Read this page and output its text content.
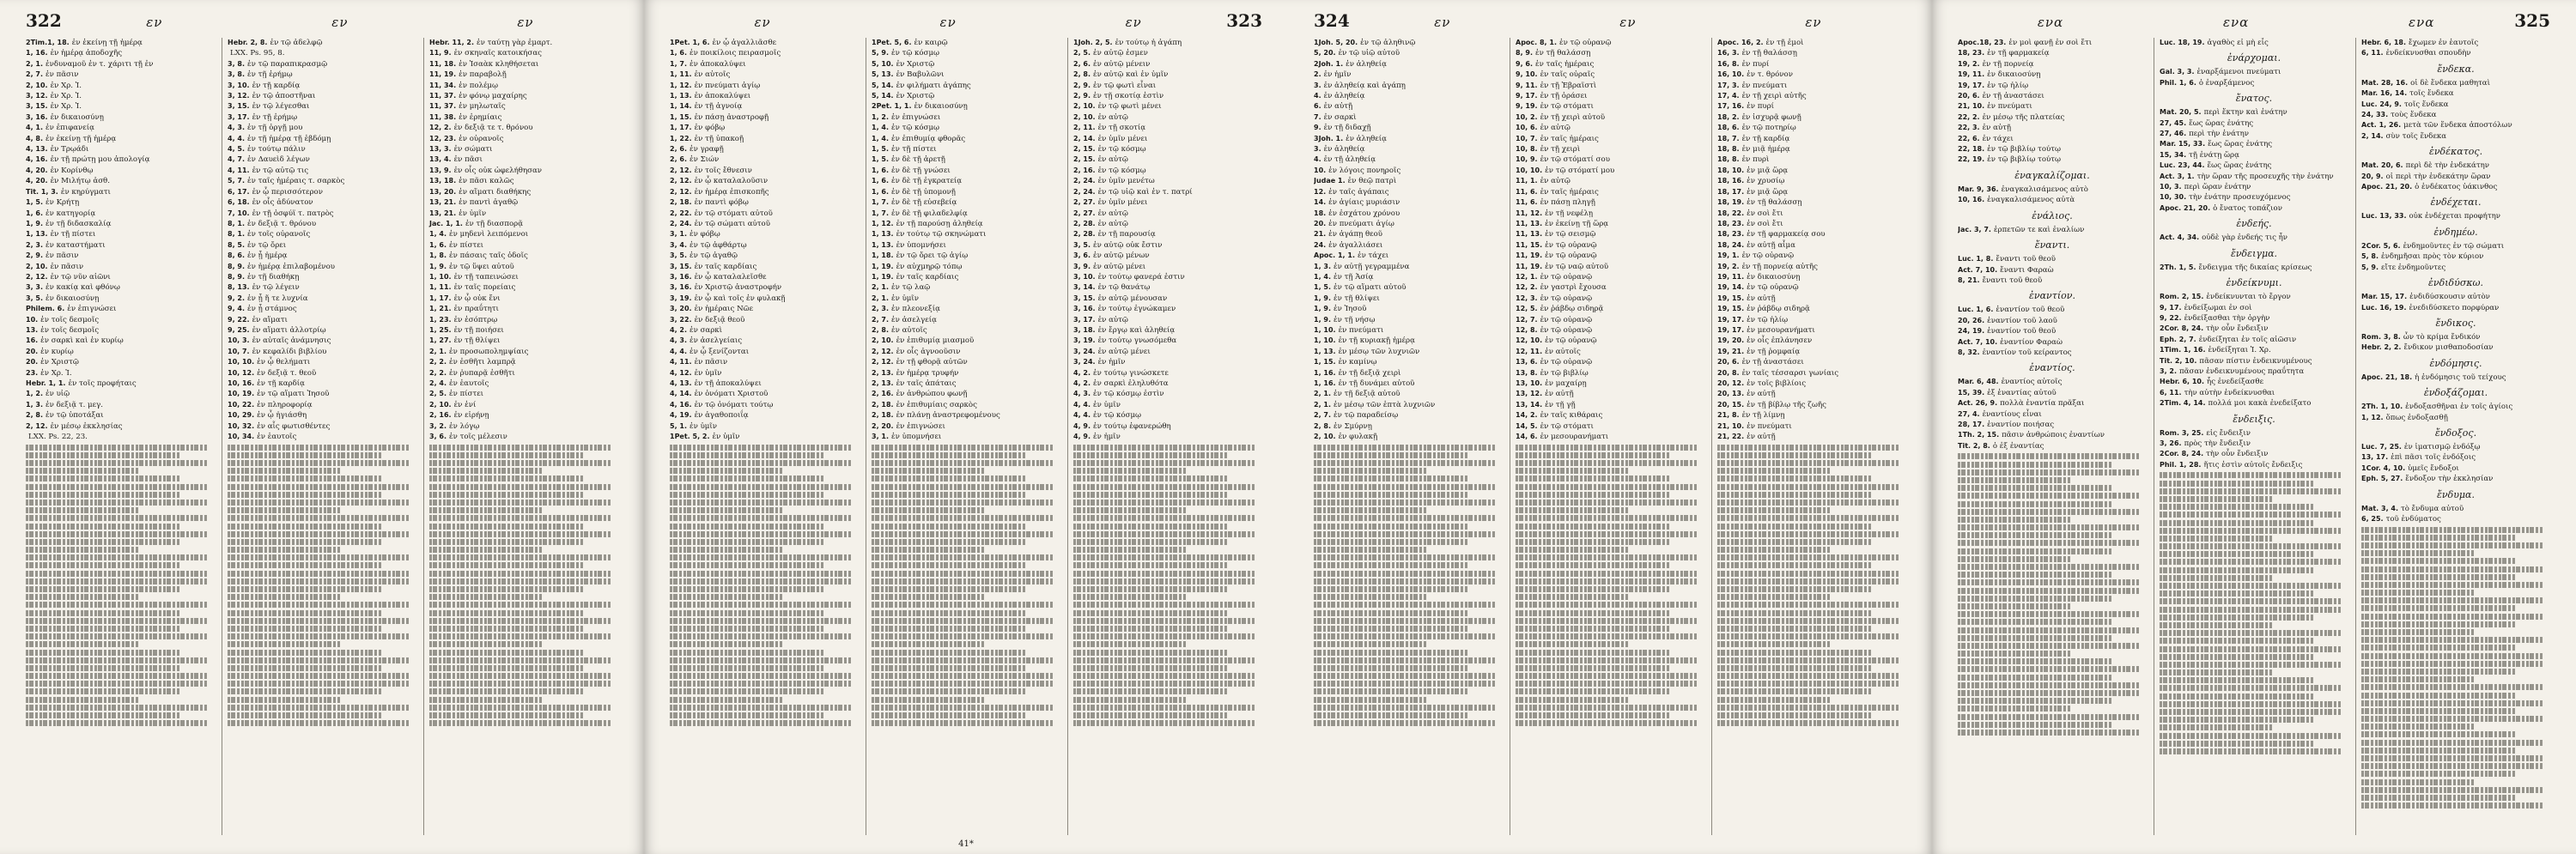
322	εν	εν	εν
2Tim.1, 18. ἐν ἐκείνῃ τῇ ἡμέρᾳ
1, 16. ἐν ἡμέρᾳ ἀποδοχῆς
2, 1. ἐνδυναμοῦ ἐν τ. χάριτι τῇ ἐν
2, 7. ἐν πᾶσιν
2, 10. ἐν Χρ. Ἰ.
3, 12. ἐν Χρ. Ἰ.
3, 15. ἐν Χρ. Ἰ.
3, 16. ἐν δικαιοσύνῃ
4, 1. ἐν ἐπιφανείᾳ
4, 8. ἐν ἐκείνῃ τῇ ἡμέρᾳ
4, 13. ἐν Τρῳάδι
4, 16. ἐν τῇ πρώτῃ μου ἀπολογίᾳ
4, 20. ἐν Κορίνθῳ
4, 20. ἐν Μιλήτῳ ἀσθ.
Tit. 1, 3. ἐν κηρύγματι
1, 5. ἐν Κρήτῃ
1, 6. ἐν κατηγορίᾳ
1, 9. ἐν τῇ διδασκαλίᾳ
1, 13. ἐν τῇ πίστει
2, 3. ἐν καταστήματι
2, 9. ἐν πᾶσιν
2, 10. ἐν πᾶσιν
2, 12. ἐν τῷ νῦν αἰῶνι
3, 3. ἐν κακίᾳ καὶ φθόνῳ
3, 5. ἐν δικαιοσύνῃ
Philem. 6. ἐν ἐπιγνώσει
10. ἐν τοῖς δεσμοῖς
13. ἐν τοῖς δεσμοῖς
16. ἐν σαρκὶ καὶ ἐν κυρίῳ
20. ἐν κυρίῳ
20. ἐν Χριστῷ
23. ἐν Χρ. Ἰ.
Hebr. 1, 1. ἐν τοῖς προφήταις
1, 2. ἐν υἱῷ
1, 3. ἐν δεξιᾷ τ. μεγ.
2, 8. ἐν τῷ ὑποτάξαι
2, 12. ἐν μέσῳ ἐκκλησίας
LXX. Ps. 22, 23.
Hebr. 2, 8. ἐν τῷ ἀδελφῷ
LXX. Ps. 95, 8.
3, 8. ἐν τῷ παραπικρασμῷ
3, 8. ἐν τῇ ἐρήμῳ
3, 10. ἐν τῇ καρδίᾳ
3, 12. ἐν τῷ ἀποστῆναι
3, 15. ἐν τῷ λέγεσθαι
3, 17. ἐν τῇ ἐρήμῳ
4, 3. ἐν τῇ ὀργῇ μου
4, 4. ἐν τῇ ἡμέρᾳ τῇ ἑβδόμῃ
4, 5. ἐν τούτῳ πάλιν
4, 7. ἐν Δαυεὶδ λέγων
4, 11. ἐν τῷ αὐτῷ τις
5, 7. ἐν ταῖς ἡμέραις τ. σαρκὸς
6, 17. ἐν ᾧ περισσότερον
6, 18. ἐν οἷς ἀδύνατον
7, 10. ἐν τῇ ὀσφύϊ τ. πατρὸς
8, 1. ἐν δεξιᾷ τ. θρόνου
8, 1. ἐν τοῖς οὐρανοῖς
8, 5. ἐν τῷ ὄρει
8, 6. ἐν ᾗ ἡμέρᾳ
8, 9. ἐν ἡμέρᾳ ἐπιλαβομένου
8, 9. ἐν τῇ διαθήκῃ
8, 13. ἐν τῷ λέγειν
9, 2. ἐν ᾗ ἥ τε λυχνία
9, 4. ἐν ᾗ στάμνος
9, 22. ἐν αἵματι
9, 25. ἐν αἵματι ἀλλοτρίῳ
10, 3. ἐν αὐταῖς ἀνάμνησις
10, 7. ἐν κεφαλίδι βιβλίου
10, 10. ἐν ᾧ θελήματι
10, 12. ἐν δεξιᾷ τ. θεοῦ
10, 16. ἐν τῇ καρδίᾳ
10, 19. ἐν τῷ αἵματι Ἰησοῦ
10, 22. ἐν πληροφορίᾳ
10, 29. ἐν ᾧ ἡγιάσθη
10, 32. ἐν αἷς φωτισθέντες
10, 34. ἐν ἑαυτοῖς
Hebr. 11, 2. ἐν ταύτῃ γὰρ ἐμαρτ.
11, 9. ἐν σκηναῖς κατοικήσας
11, 18. ἐν Ἰσαὰκ κληθήσεται
11, 19. ἐν παραβολῇ
11, 34. ἐν πολέμῳ
11, 37. ἐν φόνῳ μαχαίρης
11, 37. ἐν μηλωταῖς
11, 38. ἐν ἐρημίαις
12, 2. ἐν δεξιᾷ τε τ. θρόνου
12, 23. ἐν οὐρανοῖς
13, 3. ἐν σώματι
13, 4. ἐν πᾶσι
13, 9. ἐν οἷς οὐκ ὠφελήθησαν
13, 18. ἐν πᾶσι καλῶς
13, 20. ἐν αἵματι διαθήκης
13, 21. ἐν παντὶ ἀγαθῷ
13, 21. ἐν ὑμῖν
Jac. 1, 1. ἐν τῇ διασπορᾷ
1, 4. ἐν μηδενὶ λειπόμενοι
1, 6. ἐν πίστει
1, 8. ἐν πάσαις ταῖς ὁδοῖς
1, 9. ἐν τῷ ὕψει αὐτοῦ
1, 10. ἐν τῇ ταπεινώσει
1, 11. ἐν ταῖς πορείαις
1, 17. ἐν ᾧ οὐκ ἔνι
1, 21. ἐν πραΰτητι
1, 23. ἐν ἐσόπτρῳ
1, 25. ἐν τῇ ποιήσει
1, 27. ἐν τῇ θλίψει
2, 1. ἐν προσωπολημψίαις
2, 2. ἐν ἐσθῆτι λαμπρᾷ
2, 2. ἐν ῥυπαρᾷ ἐσθῆτι
2, 4. ἐν ἑαυτοῖς
2, 5. ἐν πίστει
2, 10. ἐν ἑνί
2, 16. ἐν εἰρήνῃ
3, 2. ἐν λόγῳ
3, 6. ἐν τοῖς μέλεσιν
εν	εν	εν	323
1Pet. 1, 6. ἐν ᾧ ἀγαλλιᾶσθε
1, 6. ἐν ποικίλοις πειρασμοῖς
1, 7. ἐν ἀποκαλύψει
1, 11. ἐν αὐτοῖς
1, 12. ἐν πνεύματι ἁγίῳ
1, 13. ἐν ἀποκαλύψει
1, 14. ἐν τῇ ἀγνοίᾳ
1, 15. ἐν πάσῃ ἀναστροφῇ
1, 17. ἐν φόβῳ
1, 22. ἐν τῇ ὑπακοῇ
2, 6. ἐν γραφῇ
2, 6. ἐν Σιών
2, 12. ἐν τοῖς ἔθνεσιν
2, 12. ἐν ᾧ καταλαλοῦσιν
2, 12. ἐν ἡμέρᾳ ἐπισκοπῆς
2, 18. ἐν παντὶ φόβῳ
2, 22. ἐν τῷ στόματι αὐτοῦ
2, 24. ἐν τῷ σώματι αὐτοῦ
3, 1. ἐν φόβῳ
3, 4. ἐν τῷ ἀφθάρτῳ
3, 5. ἐν τῷ ἀγαθῷ
3, 15. ἐν ταῖς καρδίαις
3, 16. ἐν ᾧ καταλαλεῖσθε
3, 16. ἐν Χριστῷ ἀναστροφήν
3, 19. ἐν ᾧ καὶ τοῖς ἐν φυλακῇ
3, 20. ἐν ἡμέραις Νῶε
3, 22. ἐν δεξιᾷ θεοῦ
4, 2. ἐν σαρκὶ
4, 3. ἐν ἀσελγείαις
4, 4. ἐν ᾧ ξενίζονται
4, 11. ἐν πᾶσιν
4, 12. ἐν ὑμῖν
4, 13. ἐν τῇ ἀποκαλύψει
4, 14. ἐν ὀνόματι Χριστοῦ
4, 16. ἐν τῷ ὀνόματι τούτῳ
4, 19. ἐν ἀγαθοποιΐᾳ
5, 1. ἐν ὑμῖν
1Pet. 5, 2. ἐν ὑμῖν
1Pet. 5, 6. ἐν καιρῷ
5, 9. ἐν τῷ κόσμῳ
5, 10. ἐν Χριστῷ
5, 13. ἐν Βαβυλῶνι
5, 14. ἐν φιλήματι ἀγάπης
5, 14. ἐν Χριστῷ
2Pet. 1, 1. ἐν δικαιοσύνῃ
1, 2. ἐν ἐπιγνώσει
1, 4. ἐν τῷ κόσμῳ
1, 4. ἐν ἐπιθυμίᾳ φθορᾶς
1, 5. ἐν τῇ πίστει
1, 5. ἐν δὲ τῇ ἀρετῇ
1, 6. ἐν δὲ τῇ γνώσει
1, 6. ἐν δὲ τῇ ἐγκρατείᾳ
1, 6. ἐν δὲ τῇ ὑπομονῇ
1, 7. ἐν δὲ τῇ εὐσεβείᾳ
1, 7. ἐν δὲ τῇ φιλαδελφίᾳ
1, 12. ἐν τῇ παρούσῃ ἀληθείᾳ
1, 13. ἐν τούτῳ τῷ σκηνώματι
1, 13. ἐν ὑπομνήσει
1, 18. ἐν τῷ ὄρει τῷ ἁγίῳ
1, 19. ἐν αὐχμηρῷ τόπῳ
1, 19. ἐν ταῖς καρδίαις
2, 1. ἐν τῷ λαῷ
2, 1. ἐν ὑμῖν
2, 3. ἐν πλεονεξίᾳ
2, 7. ἐν ἀσελγείᾳ
2, 8. ἐν αὐτοῖς
2, 10. ἐν ἐπιθυμίᾳ μιασμοῦ
2, 12. ἐν οἷς ἀγνοοῦσιν
2, 12. ἐν τῇ φθορᾷ αὐτῶν
2, 13. ἐν ἡμέρᾳ τρυφήν
2, 13. ἐν ταῖς ἀπάταις
2, 16. ἐν ἀνθρώπου φωνῇ
2, 18. ἐν ἐπιθυμίαις σαρκὸς
2, 18. ἐν πλάνῃ ἀναστρεφομένους
2, 20. ἐν ἐπιγνώσει
3, 1. ἐν ὑπομνήσει
1Joh. 2, 5. ἐν τούτῳ ἡ ἀγάπη
2, 5. ἐν αὐτῷ ἐσμεν
2, 6. ἐν αὐτῷ μένειν
2, 8. ἐν αὐτῷ καὶ ἐν ὑμῖν
2, 9. ἐν τῷ φωτὶ εἶναι
2, 9. ἐν τῇ σκοτίᾳ ἐστὶν
2, 10. ἐν τῷ φωτὶ μένει
2, 10. ἐν αὐτῷ
2, 11. ἐν τῇ σκοτίᾳ
2, 14. ἐν ὑμῖν μένει
2, 15. ἐν τῷ κόσμῳ
2, 15. ἐν αὐτῷ
2, 16. ἐν τῷ κόσμῳ
2, 24. ἐν ὑμῖν μενέτω
2, 24. ἐν τῷ υἱῷ καὶ ἐν τ. πατρί
2, 27. ἐν ὑμῖν μένει
2, 27. ἐν αὐτῷ
2, 28. ἐν αὐτῷ
2, 28. ἐν τῇ παρουσίᾳ
3, 5. ἐν αὐτῷ οὐκ ἔστιν
3, 6. ἐν αὐτῷ μένων
3, 9. ἐν αὐτῷ μένει
3, 10. ἐν τούτῳ φανερά ἐστιν
3, 14. ἐν τῷ θανάτῳ
3, 15. ἐν αὐτῷ μένουσαν
3, 16. ἐν τούτῳ ἐγνώκαμεν
3, 17. ἐν αὐτῷ
3, 18. ἐν ἔργῳ καὶ ἀληθείᾳ
3, 19. ἐν τούτῳ γνωσόμεθα
3, 24. ἐν αὐτῷ μένει
3, 24. ἐν ἡμῖν
4, 2. ἐν τούτῳ γινώσκετε
4, 2. ἐν σαρκὶ ἐληλυθότα
4, 3. ἐν τῷ κόσμῳ ἐστὶν
4, 4. ἐν ὑμῖν
4, 4. ἐν τῷ κόσμῳ
4, 9. ἐν τούτῳ ἐφανερώθη
4, 9. ἐν ἡμῖν
41*
324	εν	εν	εν
1Joh. 5, 20. ἐν τῷ ἀληθινῷ
5, 20. ἐν τῷ υἱῷ αὐτοῦ
2Joh. 1. ἐν ἀληθείᾳ
2. ἐν ἡμῖν
3. ἐν ἀληθείᾳ καὶ ἀγάπῃ
4. ἐν ἀληθείᾳ
6. ἐν αὐτῇ
7. ἐν σαρκὶ
9. ἐν τῇ διδαχῇ
3Joh. 1. ἐν ἀληθείᾳ
3. ἐν ἀληθείᾳ
4. ἐν τῇ ἀληθείᾳ
10. ἐν λόγοις πονηροῖς
Judae 1. ἐν θεῷ πατρὶ
12. ἐν ταῖς ἀγάπαις
14. ἐν ἁγίαις μυριάσιν
18. ἐν ἐσχάτου χρόνου
20. ἐν πνεύματι ἁγίῳ
21. ἐν ἀγάπῃ θεοῦ
24. ἐν ἀγαλλιάσει
Apoc. 1, 1. ἐν τάχει
1, 3. ἐν αὐτῇ γεγραμμένα
1, 4. ἐν τῇ Ἀσίᾳ
1, 5. ἐν τῷ αἵματι αὐτοῦ
1, 9. ἐν τῇ θλίψει
1, 9. ἐν Ἰησοῦ
1, 9. ἐν τῇ νήσῳ
1, 10. ἐν πνεύματι
1, 10. ἐν τῇ κυριακῇ ἡμέρᾳ
1, 13. ἐν μέσῳ τῶν λυχνιῶν
1, 15. ἐν καμίνῳ
1, 16. ἐν τῇ δεξιᾷ χειρὶ
1, 16. ἐν τῇ δυνάμει αὐτοῦ
2, 1. ἐν τῇ δεξιᾷ αὐτοῦ
2, 1. ἐν μέσῳ τῶν ἑπτὰ λυχνιῶν
2, 7. ἐν τῷ παραδείσῳ
2, 8. ἐν Σμύρνῃ
2, 10. ἐν φυλακῇ
Apoc. 8, 1. ἐν τῷ οὐρανῷ
8, 9. ἐν τῇ θαλάσσῃ
9, 6. ἐν ταῖς ἡμέραις
9, 10. ἐν ταῖς οὐραῖς
9, 11. ἐν τῇ Ἑβραϊστὶ
9, 17. ἐν τῇ ὁράσει
9, 19. ἐν τῷ στόματι
10, 2. ἐν τῇ χειρὶ αὐτοῦ
10, 6. ἐν αὐτῷ
10, 7. ἐν ταῖς ἡμέραις
10, 8. ἐν τῇ χειρὶ
10, 9. ἐν τῷ στόματί σου
10, 10. ἐν τῷ στόματί μου
11, 1. ἐν αὐτῷ
11, 6. ἐν ταῖς ἡμέραις
11, 6. ἐν πάσῃ πληγῇ
11, 12. ἐν τῇ νεφέλῃ
11, 13. ἐν ἐκείνῃ τῇ ὥρᾳ
11, 13. ἐν τῷ σεισμῷ
11, 15. ἐν τῷ οὐρανῷ
11, 19. ἐν τῷ οὐρανῷ
11, 19. ἐν τῷ ναῷ αὐτοῦ
12, 1. ἐν τῷ οὐρανῷ
12, 2. ἐν γαστρὶ ἔχουσα
12, 3. ἐν τῷ οὐρανῷ
12, 5. ἐν ῥάβδῳ σιδηρᾷ
12, 7. ἐν τῷ οὐρανῷ
12, 8. ἐν τῷ οὐρανῷ
12, 10. ἐν τῷ οὐρανῷ
12, 11. ἐν αὐτοῖς
13, 6. ἐν τῷ οὐρανῷ
13, 8. ἐν τῷ βιβλίῳ
13, 10. ἐν μαχαίρῃ
13, 12. ἐν αὐτῇ
13, 14. ἐν τῇ γῇ
14, 2. ἐν ταῖς κιθάραις
14, 5. ἐν τῷ στόματι
14, 6. ἐν μεσουρανήματι
Apoc. 16, 2. ἐν τῇ ἐμοὶ
16, 3. ἐν τῇ θαλάσσῃ
16, 8. ἐν πυρί
16, 10. ἐν τ. θρόνον
17, 3. ἐν πνεύματι
17, 4. ἐν τῇ χειρὶ αὐτῆς
17, 16. ἐν πυρί
18, 2. ἐν ἰσχυρᾷ φωνῇ
18, 6. ἐν τῷ ποτηρίῳ
18, 7. ἐν τῇ καρδίᾳ
18, 8. ἐν μιᾷ ἡμέρᾳ
18, 8. ἐν πυρὶ
18, 10. ἐν μιᾷ ὥρᾳ
18, 16. ἐν χρυσίῳ
18, 17. ἐν μιᾷ ὥρᾳ
18, 19. ἐν τῇ θαλάσσῃ
18, 22. ἐν σοὶ ἔτι
18, 23. ἐν σοὶ ἔτι
18, 23. ἐν τῇ φαρμακείᾳ σου
18, 24. ἐν αὐτῇ αἷμα
19, 1. ἐν τῷ οὐρανῷ
19, 2. ἐν τῇ πορνείᾳ αὐτῆς
19, 11. ἐν δικαιοσύνῃ
19, 14. ἐν τῷ οὐρανῷ
19, 15. ἐν αὐτῇ
19, 15. ἐν ῥάβδῳ σιδηρᾷ
19, 17. ἐν τῷ ἡλίῳ
19, 17. ἐν μεσουρανήματι
19, 20. ἐν οἷς ἐπλάνησεν
19, 21. ἐν τῇ ῥομφαίᾳ
20, 6. ἐν τῇ ἀναστάσει
20, 8. ἐν ταῖς τέσσαρσι γωνίαις
20, 12. ἐν τοῖς βιβλίοις
20, 13. ἐν αὐτῇ
20, 15. ἐν τῇ βίβλῳ τῆς ζωῆς
21, 8. ἐν τῇ λίμνῃ
21, 10. ἐν πνεύματι
21, 22. ἐν αὐτῇ
ενα	ενα	ενα	325
Apoc.18, 23. ἐν μοὶ φανῇ ἐν σοὶ ἔτι
18, 23. ἐν τῇ φαρμακείᾳ
19, 2. ἐν τῇ πορνείᾳ
19, 11. ἐν δικαιοσύνῃ
19, 17. ἐν τῷ ἡλίῳ
20, 6. ἐν τῇ ἀναστάσει
21, 10. ἐν πνεύματι
22, 2. ἐν μέσῳ τῆς πλατείας
22, 3. ἐν αὐτῇ
22, 6. ἐν τάχει
22, 18. ἐν τῷ βιβλίῳ τούτῳ
22, 19. ἐν τῷ βιβλίῳ τούτῳ
ἐναγκαλίζομαι.
Mar. 9, 36. ἐναγκαλισάμενος αὐτὸ
10, 16. ἐναγκαλισάμενος αὐτὰ
ἐνάλιος.
Jac. 3, 7. ἑρπετῶν τε καὶ ἐναλίων
ἔναντι.
Luc. 1, 8. ἔναντι τοῦ θεοῦ
Act. 7, 10. ἔναντι Φαραὼ
8, 21. ἔναντι τοῦ θεοῦ
ἐναντίον.
Luc. 1, 6. ἐναντίον τοῦ θεοῦ
20, 26. ἐναντίον τοῦ λαοῦ
24, 19. ἐναντίον τοῦ θεοῦ
Act. 7, 10. ἐναντίον Φαραὼ
8, 32. ἐναντίον τοῦ κείραντος
ἐναντίος.
Mar. 6, 48. ἐναντίος αὐτοῖς
15, 39. ἐξ ἐναντίας αὐτοῦ
Act. 26, 9. πολλὰ ἐναντία πρᾶξαι
27, 4. ἐναντίους εἶναι
28, 17. ἐναντίον ποιήσας
1Th. 2, 15. πᾶσιν ἀνθρώποις ἐναντίων
Tit. 2, 8. ὁ ἐξ ἐναντίας
Luc. 18, 19. ἀγαθὸς εἰ μὴ εἷς
ἐνάρχομαι.
Gal. 3, 3. ἐναρξάμενοι πνεύματι
Phil. 1, 6. ὁ ἐναρξάμενος
ἔνατος.
Mat. 20, 5. περὶ ἕκτην καὶ ἐνάτην
27, 45. ἕως ὥρας ἐνάτης
27, 46. περὶ τὴν ἐνάτην
Mar. 15, 33. ἕως ὥρας ἐνάτης
15, 34. τῇ ἐνάτῃ ὥρᾳ
Luc. 23, 44. ἕως ὥρας ἐνάτης
Act. 3, 1. τὴν ὥραν τῆς προσευχῆς τὴν ἐνάτην
10, 3. περὶ ὥραν ἐνάτην
10, 30. τὴν ἐνάτην προσευχόμενος
Apoc. 21, 20. ὁ ἔνατος τοπάζιον
ἐνδεής.
Act. 4, 34. οὐδὲ γὰρ ἐνδεής τις ἦν
ἔνδειγμα.
2Th. 1, 5. ἔνδειγμα τῆς δικαίας κρίσεως
ἐνδείκνυμι.
Rom. 2, 15. ἐνδείκνυνται τὸ ἔργον
9, 17. ἐνδείξωμαι ἐν σοὶ
9, 22. ἐνδείξασθαι τὴν ὀργὴν
2Cor. 8, 24. τὴν οὖν ἔνδειξιν
Eph. 2, 7. ἐνδείξηται ἐν τοῖς αἰῶσιν
1Tim. 1, 16. ἐνδείξηται Ἰ. Χρ.
Tit. 2, 10. πᾶσαν πίστιν ἐνδεικνυμένους
3, 2. πᾶσαν ἐνδεικνυμένους πραΰτητα
Hebr. 6, 10. ἧς ἐνεδείξασθε
6, 11. τὴν αὐτὴν ἐνδείκνυσθαι
2Tim. 4, 14. πολλά μοι κακὰ ἐνεδείξατο
ἔνδειξις.
Rom. 3, 25. εἰς ἔνδειξιν
3, 26. πρὸς τὴν ἔνδειξιν
2Cor. 8, 24. τὴν οὖν ἔνδειξιν
Phil. 1, 28. ἥτις ἐστὶν αὐτοῖς ἔνδειξις
Hebr. 6, 18. ἔχωμεν ἐν ἑαυτοῖς
6, 11. ἐνδείκνυσθαι σπουδὴν
ἔνδεκα.
Mat. 28, 16. οἱ δὲ ἕνδεκα μαθηταὶ
Mar. 16, 14. τοῖς ἕνδεκα
Luc. 24, 9. τοῖς ἕνδεκα
24, 33. τοὺς ἕνδεκα
Act. 1, 26. μετὰ τῶν ἕνδεκα ἀποστόλων
2, 14. σὺν τοῖς ἕνδεκα
ἑνδέκατος.
Mat. 20, 6. περὶ δὲ τὴν ἑνδεκάτην
20, 9. οἱ περὶ τὴν ἑνδεκάτην ὥραν
Apoc. 21, 20. ὁ ἑνδέκατος ὑάκινθος
ἐνδέχεται.
Luc. 13, 33. οὐκ ἐνδέχεται προφήτην
ἐνδημέω.
2Cor. 5, 6. ἐνδημοῦντες ἐν τῷ σώματι
5, 8. ἐνδημῆσαι πρὸς τὸν κύριον
5, 9. εἴτε ἐνδημοῦντες
ἐνδιδύσκω.
Mar. 15, 17. ἐνδιδύσκουσιν αὐτὸν
Luc. 16, 19. ἐνεδιδύσκετο πορφύραν
ἔνδικος.
Rom. 3, 8. ὧν τὸ κρίμα ἔνδικόν
Hebr. 2, 2. ἔνδικον μισθαποδοσίαν
ἐνδόμησις.
Apoc. 21, 18. ἡ ἐνδόμησις τοῦ τείχους
ἐνδοξάζομαι.
2Th. 1, 10. ἐνδοξασθῆναι ἐν τοῖς ἁγίοις
1, 12. ὅπως ἐνδοξασθῇ
ἔνδοξος.
Luc. 7, 25. ἐν ἱματισμῷ ἐνδόξῳ
13, 17. ἐπὶ πᾶσι τοῖς ἐνδόξοις
1Cor. 4, 10. ὑμεῖς ἔνδοξοι
Eph. 5, 27. ἔνδοξον τὴν ἐκκλησίαν
ἔνδυμα.
Mat. 3, 4. τὸ ἔνδυμα αὐτοῦ
6, 25. τοῦ ἐνδύματος
